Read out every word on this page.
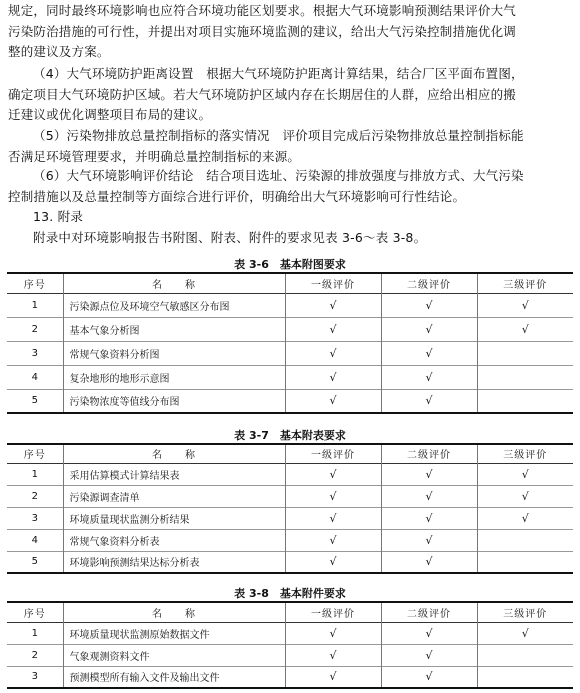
规定，同时最终环境影响也应符合环境功能区划要求。根据大气环境影响预测结果评价大气
污染防治措施的可行性，并提出对项目实施环境监测的建议，给出大气污染控制措施优化调
整的建议及方案。

（4）大气环境防护距离设置　根据大气环境防护距离计算结果，结合厂区平面布置图，
确定项目大气环境防护区域。若大气环境防护区域内存在长期居住的人群，应给出相应的搬
迁建议或优化调整项目布局的建议。

（5）污染物排放总量控制指标的落实情况　评价项目完成后污染物排放总量控制指标能
否满足环境管理要求，并明确总量控制指标的来源。

（6）大气环境影响评价结论　结合项目选址、污染源的排放强度与排放方式、大气污染
控制措施以及总量控制等方面综合进行评价，明确给出大气环境影响可行性结论。

13. 附录

附录中对环境影响报告书附图、附表、附件的要求见表 3-6～表 3-8。

表 3-6　基本附图要求
序号	名　　称	一级评价	二级评价	三级评价
1	污染源点位及环境空气敏感区分布图	√	√	√
2	基本气象分析图	√	√	√
3	常规气象资料分析图	√	√	
4	复杂地形的地形示意图	√	√	
5	污染物浓度等值线分布图	√	√	
表 3-7　基本附表要求
序号	名　　称	一级评价	二级评价	三级评价
1	采用估算模式计算结果表	√	√	√
2	污染源调查清单	√	√	√
3	环境质量现状监测分析结果	√	√	√
4	常规气象资料分析表	√	√	
5	环境影响预测结果达标分析表	√	√	
表 3-8　基本附件要求
序号	名　　称	一级评价	二级评价	三级评价
1	环境质量现状监测原始数据文件	√	√	√
2	气象观测资料文件	√	√	
3	预测模型所有输入文件及输出文件	√	√	
